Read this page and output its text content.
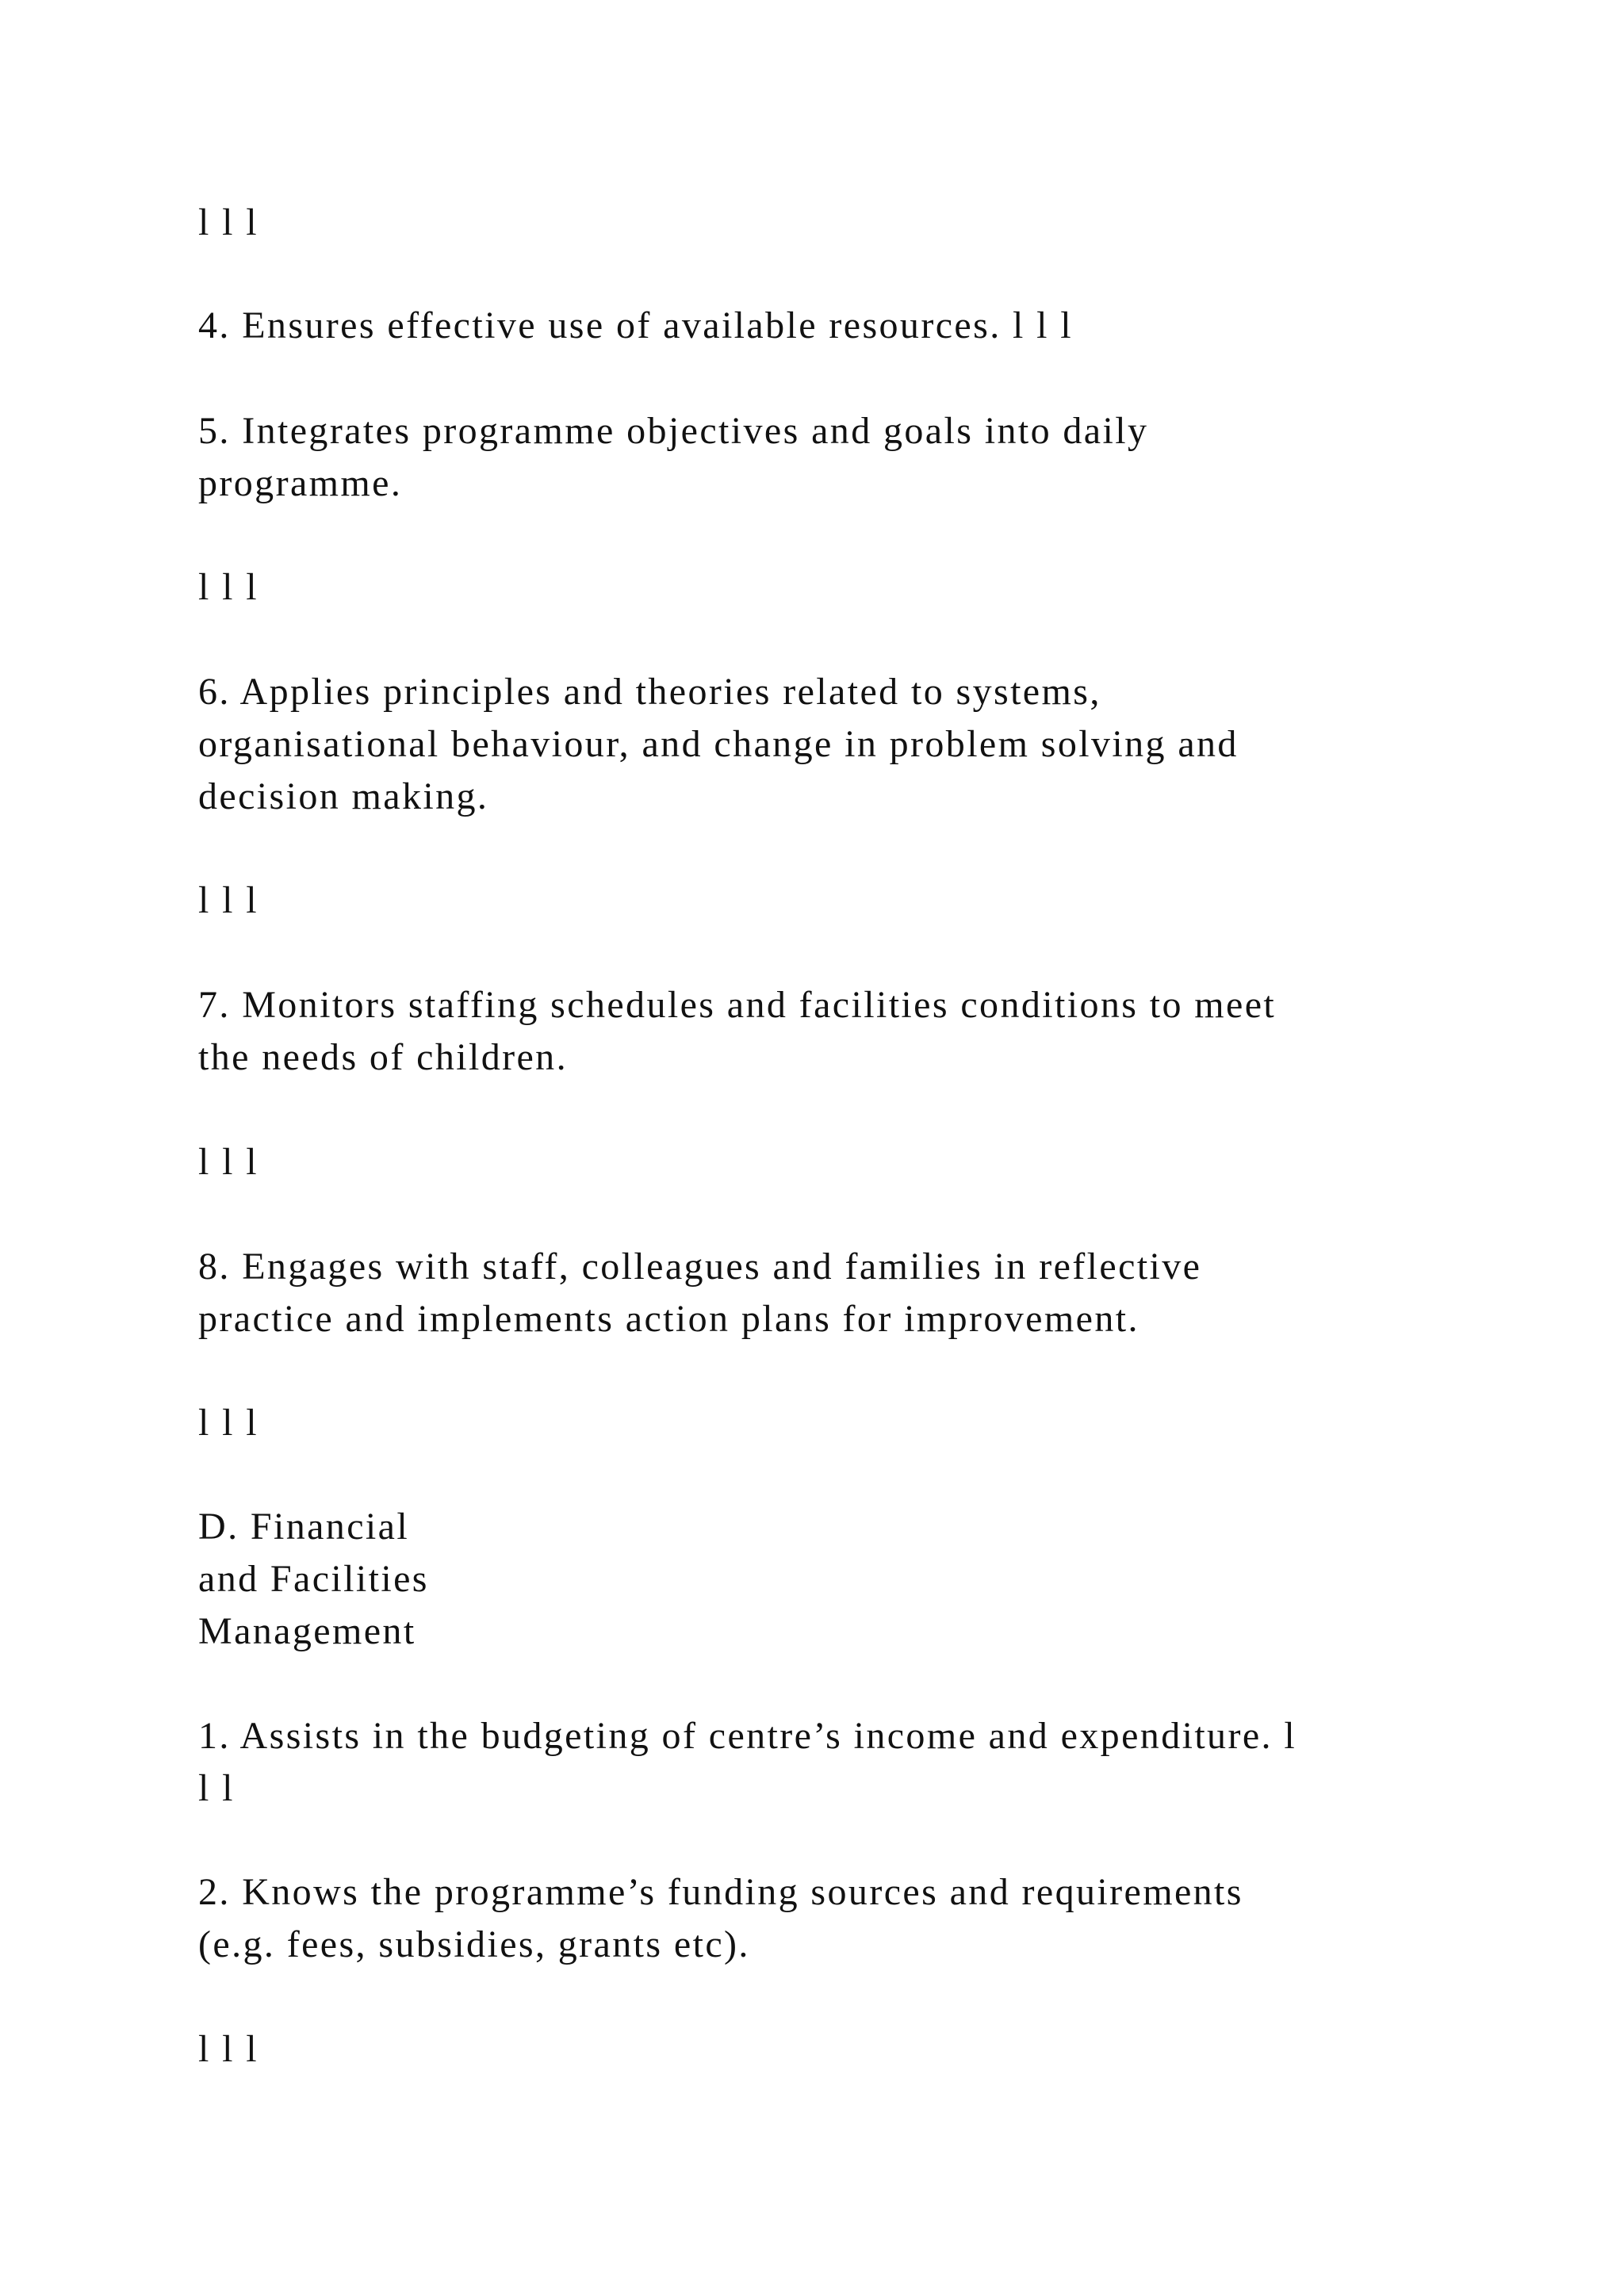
l l l

4. Ensures effective use of available resources. l l l

5. Integrates programme objectives and goals into daily

programme.

l l l

6. Applies principles and theories related to systems,

organisational behaviour, and change in problem solving and

decision making.

l l l

7. Monitors staffing schedules and facilities conditions to meet

the needs of children.

l l l

8. Engages with staff, colleagues and families in reflective

practice and implements action plans for improvement.

l l l

D. Financial

and Facilities

Management

1. Assists in the budgeting of centre’s income and expenditure. l

l l

2. Knows the programme’s funding sources and requirements

(e.g. fees, subsidies, grants etc).

l l l
